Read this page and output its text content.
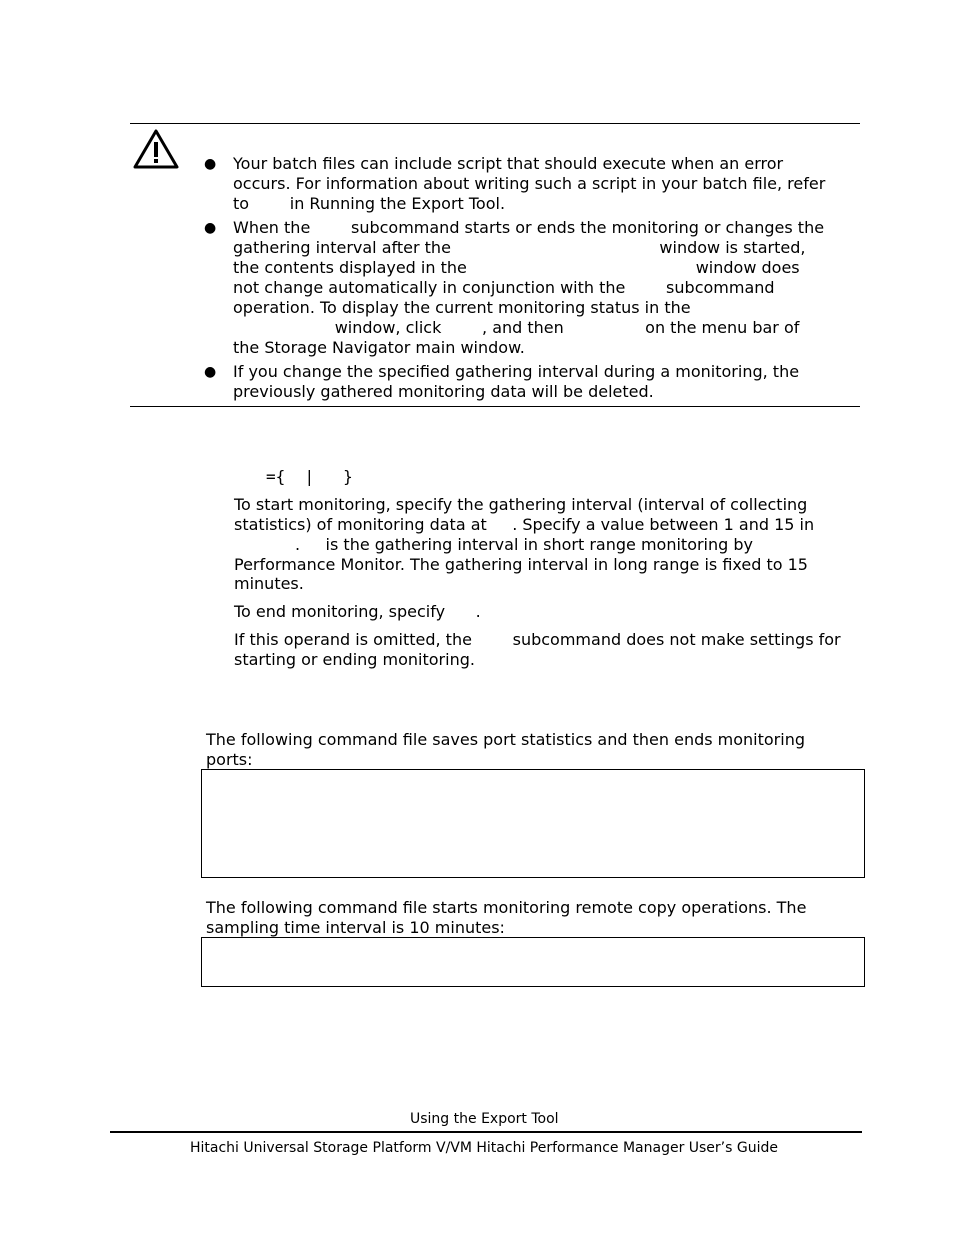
● Your batch files can include script that should execute when an error
occurs. For information about writing such a script in your batch file, refer
to        in Running the Export Tool.
● When the        subcommand starts or ends the monitoring or changes the
gathering interval after the                                         window is started,
the contents displayed in the                                             window does
not change automatically in conjunction with the        subcommand
operation. To display the current monitoring status in the
window, click        , and then                on the menu bar of
the Storage Navigator main window.
● If you change the specified gathering interval during a monitoring, the
previously gathered monitoring data will be deleted.
={  |   }
To start monitoring, specify the gathering interval (interval of collecting
statistics) of monitoring data at     . Specify a value between 1 and 15 in
.     is the gathering interval in short range monitoring by
Performance Monitor. The gathering interval in long range is fixed to 15
minutes.
To end monitoring, specify      .
If this operand is omitted, the        subcommand does not make settings for
starting or ending monitoring.
The following command file saves port statistics and then ends monitoring
ports:
The following command file starts monitoring remote copy operations. The
sampling time interval is 10 minutes:
Using the Export Tool
Hitachi Universal Storage Platform V/VM Hitachi Performance Manager User’s Guide
